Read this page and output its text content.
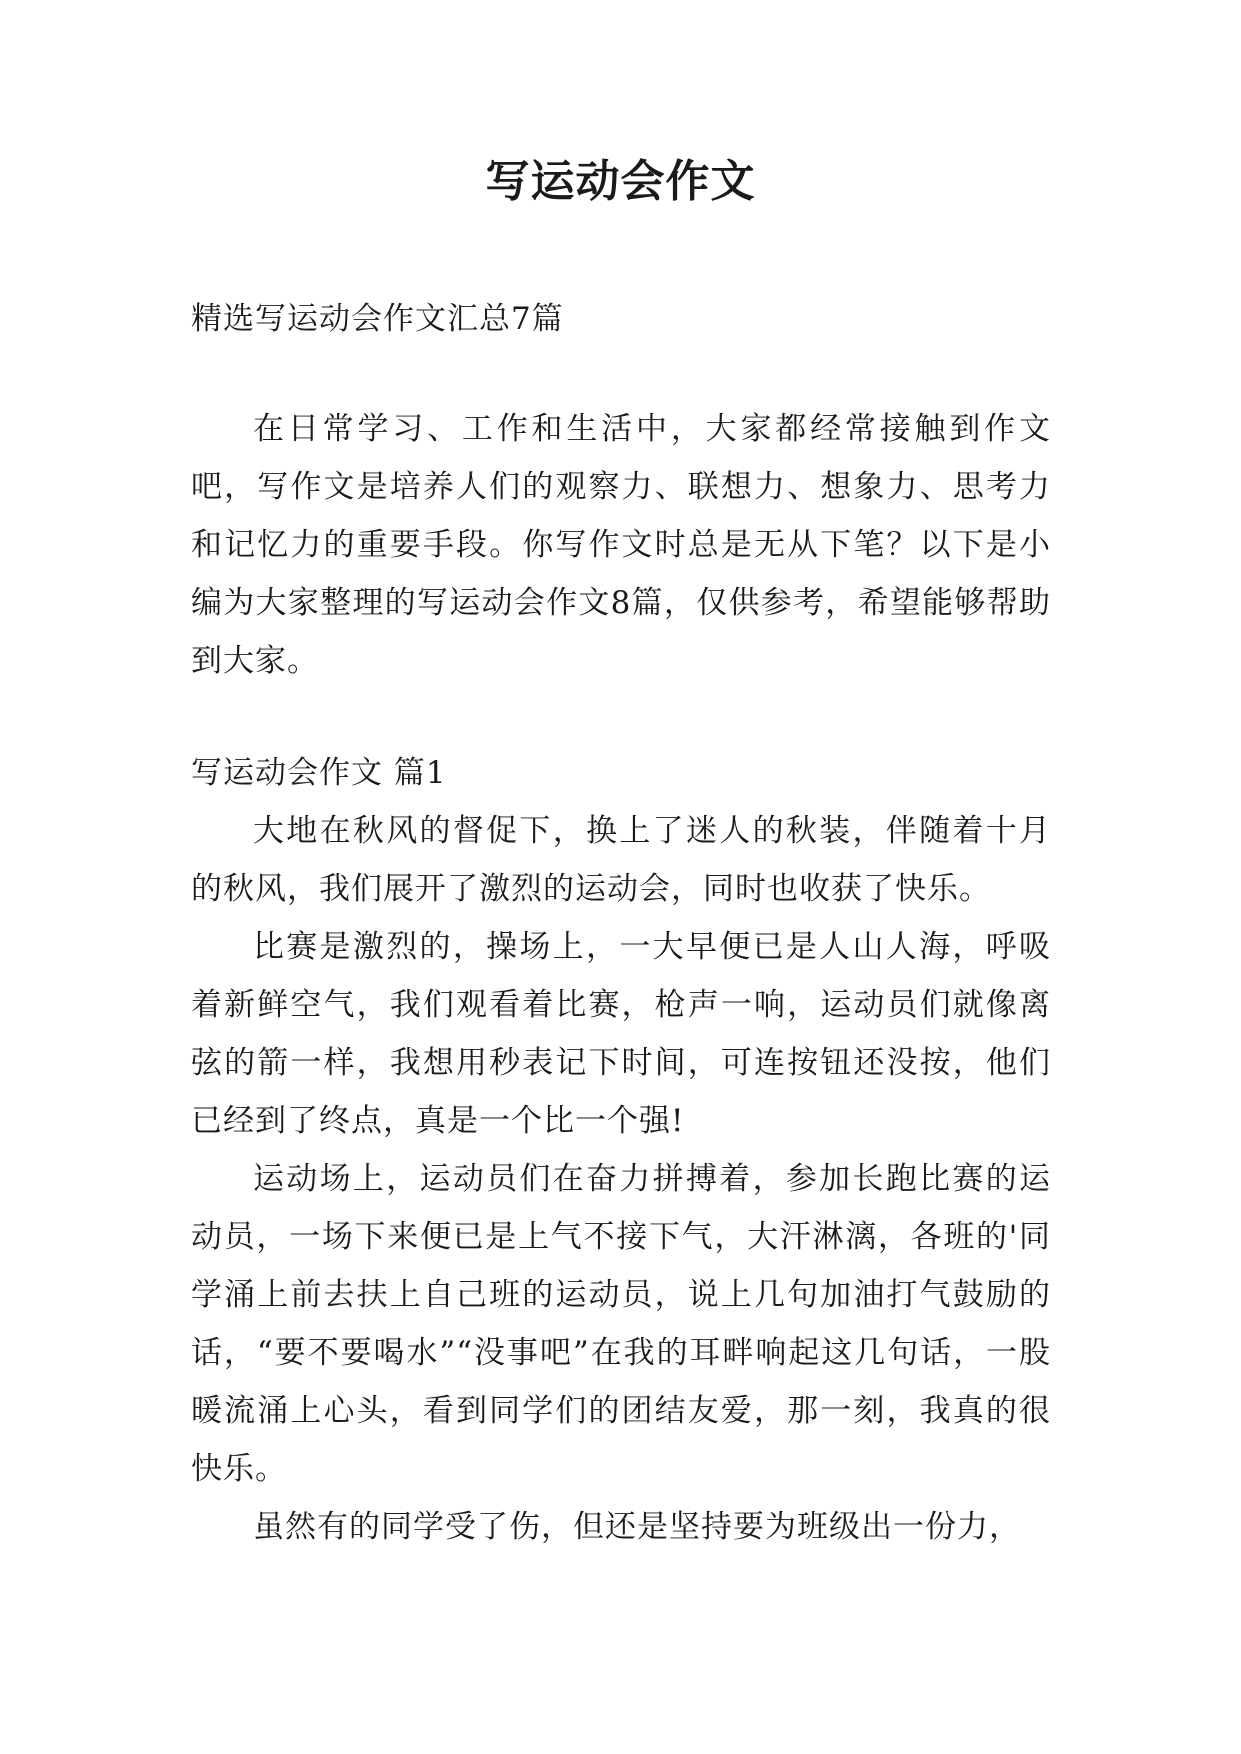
写运动会作文

精选写运动会作文汇总7篇

在日常学习、工作和生活中，大家都经常接触到作文吧，写作文是培养人们的观察力、联想力、想象力、思考力和记忆力的重要手段。你写作文时总是无从下笔？以下是小编为大家整理的写运动会作文8篇，仅供参考，希望能够帮助到大家。

写运动会作文 篇1

大地在秋风的督促下，换上了迷人的秋装，伴随着十月的秋风，我们展开了激烈的运动会，同时也收获了快乐。

比赛是激烈的，操场上，一大早便已是人山人海，呼吸着新鲜空气，我们观看着比赛，枪声一响，运动员们就像离弦的箭一样，我想用秒表记下时间，可连按钮还没按，他们已经到了终点，真是一个比一个强!

运动场上，运动员们在奋力拼搏着，参加长跑比赛的运动员，一场下来便已是上气不接下气，大汗淋漓，各班的'同学涌上前去扶上自己班的运动员，说上几句加油打气鼓励的话，“要不要喝水”“没事吧”在我的耳畔响起这几句话，一股暖流涌上心头，看到同学们的团结友爱，那一刻，我真的很快乐。

虽然有的同学受了伤，但还是坚持要为班级出一份力，
